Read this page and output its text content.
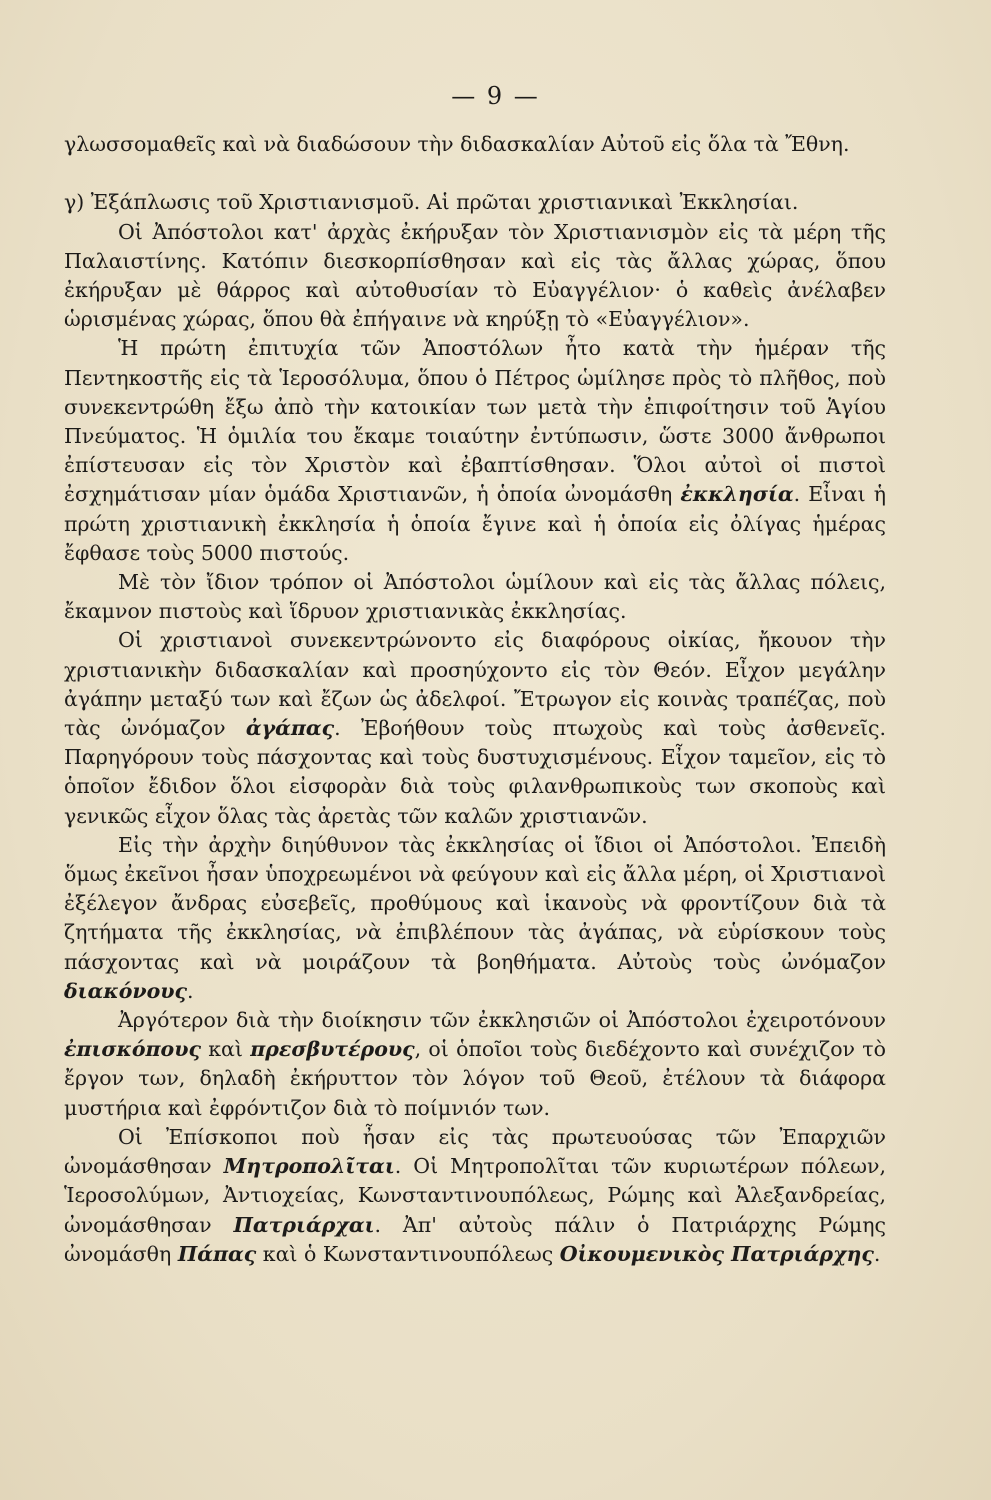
— 9 —

γλωσσομαθεῖς καὶ νὰ διαδώσουν τὴν διδασκαλίαν Αὐτοῦ εἰς ὅλα τὰ Ἔθνη.

γ) Ἐξάπλωσις τοῦ Χριστιανισμοῦ. Αἱ πρῶται χριστιανικαὶ Ἐκκλησίαι.

Οἱ Ἀπόστολοι κατ' ἀρχὰς ἐκήρυξαν τὸν Χριστιανισμὸν εἰς τὰ μέρη τῆς Παλαιστίνης. Κατόπιν διεσκορπίσθησαν καὶ εἰς τὰς ἄλλας χώρας, ὅπου ἐκήρυξαν μὲ θάρρος καὶ αὐτοθυσίαν τὸ Εὐαγγέλιον· ὁ καθεὶς ἀνέλαβεν ὡρισμένας χώρας, ὅπου θὰ ἐπήγαινε νὰ κηρύξῃ τὸ «Εὐαγγέλιον».

Ἡ πρώτη ἐπιτυχία τῶν Ἀποστόλων ἦτο κατὰ τὴν ἡμέραν τῆς Πεντηκοστῆς εἰς τὰ Ἱεροσόλυμα, ὅπου ὁ Πέτρος ὡμίλησε πρὸς τὸ πλῆθος, ποὺ συνεκεντρώθη ἔξω ἀπὸ τὴν κατοικίαν των μετὰ τὴν ἐπιφοίτησιν τοῦ Ἁγίου Πνεύματος. Ἡ ὁμιλία του ἔκαμε τοιαύτην ἐντύπωσιν, ὥστε 3000 ἄνθρωποι ἐπίστευσαν εἰς τὸν Χριστὸν καὶ ἐβαπτίσθησαν. Ὅλοι αὐτοὶ οἱ πιστοὶ ἐσχημάτισαν μίαν ὁμάδα Χριστιανῶν, ἡ ὁποία ὠνομάσθη ἐκκλησία. Εἶναι ἡ πρώτη χριστιανικὴ ἐκκλησία ἡ ὁποία ἔγινε καὶ ἡ ὁποία εἰς ὀλίγας ἡμέρας ἔφθασε τοὺς 5000 πιστούς.

Μὲ τὸν ἴδιον τρόπον οἱ Ἀπόστολοι ὡμίλουν καὶ εἰς τὰς ἄλλας πόλεις, ἔκαμνον πιστοὺς καὶ ἵδρυον χριστιανικὰς ἐκκλησίας.

Οἱ χριστιανοὶ συνεκεντρώνοντο εἰς διαφόρους οἰκίας, ἤκουον τὴν χριστιανικὴν διδασκαλίαν καὶ προσηύχοντο εἰς τὸν Θεόν. Εἶχον μεγάλην ἀγάπην μεταξύ των καὶ ἔζων ὡς ἀδελφοί. Ἔτρωγον εἰς κοινὰς τραπέζας, ποὺ τὰς ὠνόμαζον ἀγάπας. Ἐβοήθουν τοὺς πτωχοὺς καὶ τοὺς ἀσθενεῖς. Παρηγόρουν τοὺς πάσχοντας καὶ τοὺς δυστυχισμένους. Εἶχον ταμεῖον, εἰς τὸ ὁποῖον ἔδιδον ὅλοι εἰσφορὰν διὰ τοὺς φιλανθρωπικοὺς των σκοποὺς καὶ γενικῶς εἶχον ὅλας τὰς ἀρετὰς τῶν καλῶν χριστιανῶν.

Εἰς τὴν ἀρχὴν διηύθυνον τὰς ἐκκλησίας οἱ ἴδιοι οἱ Ἀπόστολοι. Ἐπειδὴ ὅμως ἐκεῖνοι ἦσαν ὑποχρεωμένοι νὰ φεύγουν καὶ εἰς ἄλλα μέρη, οἱ Χριστιανοὶ ἐξέλεγον ἄνδρας εὐσεβεῖς, προθύμους καὶ ἱκανοὺς νὰ φροντίζουν διὰ τὰ ζητήματα τῆς ἐκκλησίας, νὰ ἐπιβλέπουν τὰς ἀγάπας, νὰ εὑρίσκουν τοὺς πάσχοντας καὶ νὰ μοιράζουν τὰ βοηθήματα. Αὐτοὺς τοὺς ὠνόμαζον διακόνους.

Ἀργότερον διὰ τὴν διοίκησιν τῶν ἐκκλησιῶν οἱ Ἀπόστολοι ἐχειροτόνουν ἐπισκόπους καὶ πρεσβυτέρους, οἱ ὁποῖοι τοὺς διεδέχοντο καὶ συνέχιζον τὸ ἔργον των, δηλαδὴ ἐκήρυττον τὸν λόγον τοῦ Θεοῦ, ἐτέλουν τὰ διάφορα μυστήρια καὶ ἐφρόντιζον διὰ τὸ ποίμνιόν των.

Οἱ Ἐπίσκοποι ποὺ ἦσαν εἰς τὰς πρωτευούσας τῶν Ἐπαρχιῶν ὠνομάσθησαν Μητροπολῖται. Οἱ Μητροπολῖται τῶν κυριωτέρων πόλεων, Ἱεροσολύμων, Ἀντιοχείας, Κωνσταντινουπόλεως, Ρώμης καὶ Ἀλεξανδρείας, ὠνομάσθησαν Πατριάρχαι. Ἀπ' αὐτοὺς πάλιν ὁ Πατριάρχης Ρώμης ὠνομάσθη Πάπας καὶ ὁ Κωνσταντινουπόλεως Οἰκουμενικὸς Πατριάρχης.
